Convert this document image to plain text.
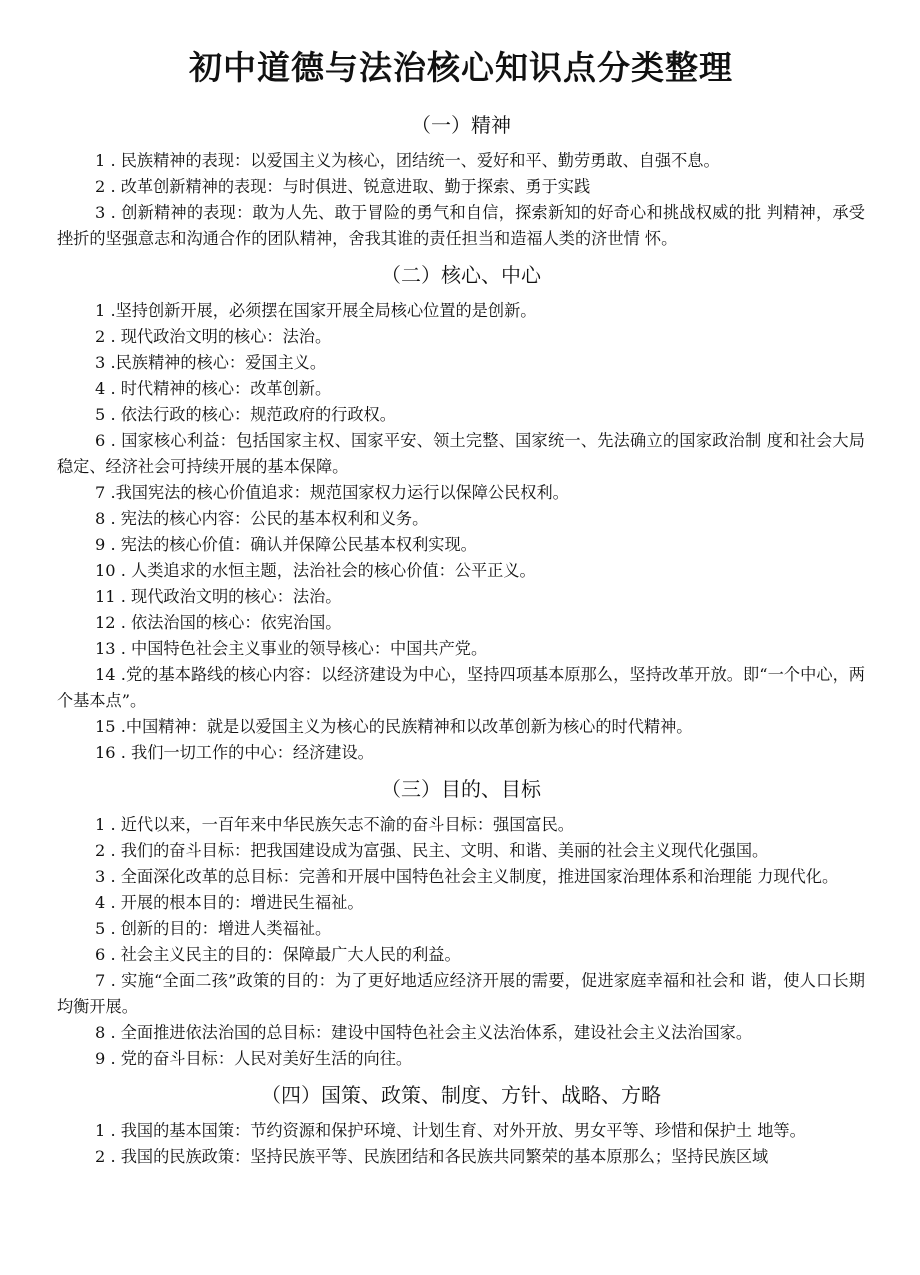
初中道德与法治核心知识点分类整理
（一）精神

1 . 民族精神的表现：以爱国主义为核心，团结统一、爱好和平、勤劳勇敢、自强不息。

2 . 改革创新精神的表现：与时俱进、锐意进取、勤于探索、勇于实践

3 . 创新精神的表现：敢为人先、敢于冒险的勇气和自信，探索新知的好奇心和挑战权威的批 判精神，承受挫折的坚强意志和沟通合作的团队精神，舍我其谁的责任担当和造福人类的济世情 怀。

（二）核心、中心

1 .坚持创新开展，必须摆在国家开展全局核心位置的是创新。

2 . 现代政治文明的核心：法治。

3 .民族精神的核心：爱国主义。

4 . 时代精神的核心：改革创新。

5 . 依法行政的核心：规范政府的行政权。

6 . 国家核心利益：包括国家主权、国家平安、领土完整、国家统一、先法确立的国家政治制 度和社会大局稳定、经济社会可持续开展的基本保障。

7 .我国宪法的核心价值追求：规范国家权力运行以保障公民权利。

8 . 宪法的核心内容：公民的基本权利和义务。

9 . 宪法的核心价值：确认并保障公民基本权利实现。

10 . 人类追求的水恒主题，法治社会的核心价值：公平正义。

11 . 现代政治文明的核心：法治。

12 . 依法治国的核心：依宪治国。

13 . 中国特色社会主义事业的领导核心：中国共产党。

14 .党的基本路线的核心内容：以经济建设为中心，坚持四项基本原那么，坚持改革开放。即“一个中心，两个基本点”。

15 .中国精神：就是以爱国主义为核心的民族精神和以改革创新为核心的时代精神。

16 . 我们一切工作的中心：经济建设。

（三）目的、目标

1 . 近代以来，一百年来中华民族矢志不渝的奋斗目标：强国富民。

2 . 我们的奋斗目标：把我国建设成为富强、民主、文明、和谐、美丽的社会主义现代化强国。

3 . 全面深化改革的总目标：完善和开展中国特色社会主义制度，推进国家治理体系和治理能 力现代化。

4 . 开展的根本目的：增进民生福祉。

5 . 创新的目的：增进人类福祉。

6 . 社会主义民主的目的：保障最广大人民的利益。

7 . 实施“全面二孩”政策的目的：为了更好地适应经济开展的需要，促进家庭幸福和社会和 谐，使人口长期均衡开展。

8 . 全面推进依法治国的总目标：建设中国特色社会主义法治体系，建设社会主义法治国家。

9 . 党的奋斗目标：人民对美好生活的向往。

（四）国策、政策、制度、方针、战略、方略

1 . 我国的基本国策：节约资源和保护环境、计划生育、对外开放、男女平等、珍惜和保护土 地等。

2 . 我国的民族政策：坚持民族平等、民族团结和各民族共同繁荣的基本原那么；坚持民族区域
